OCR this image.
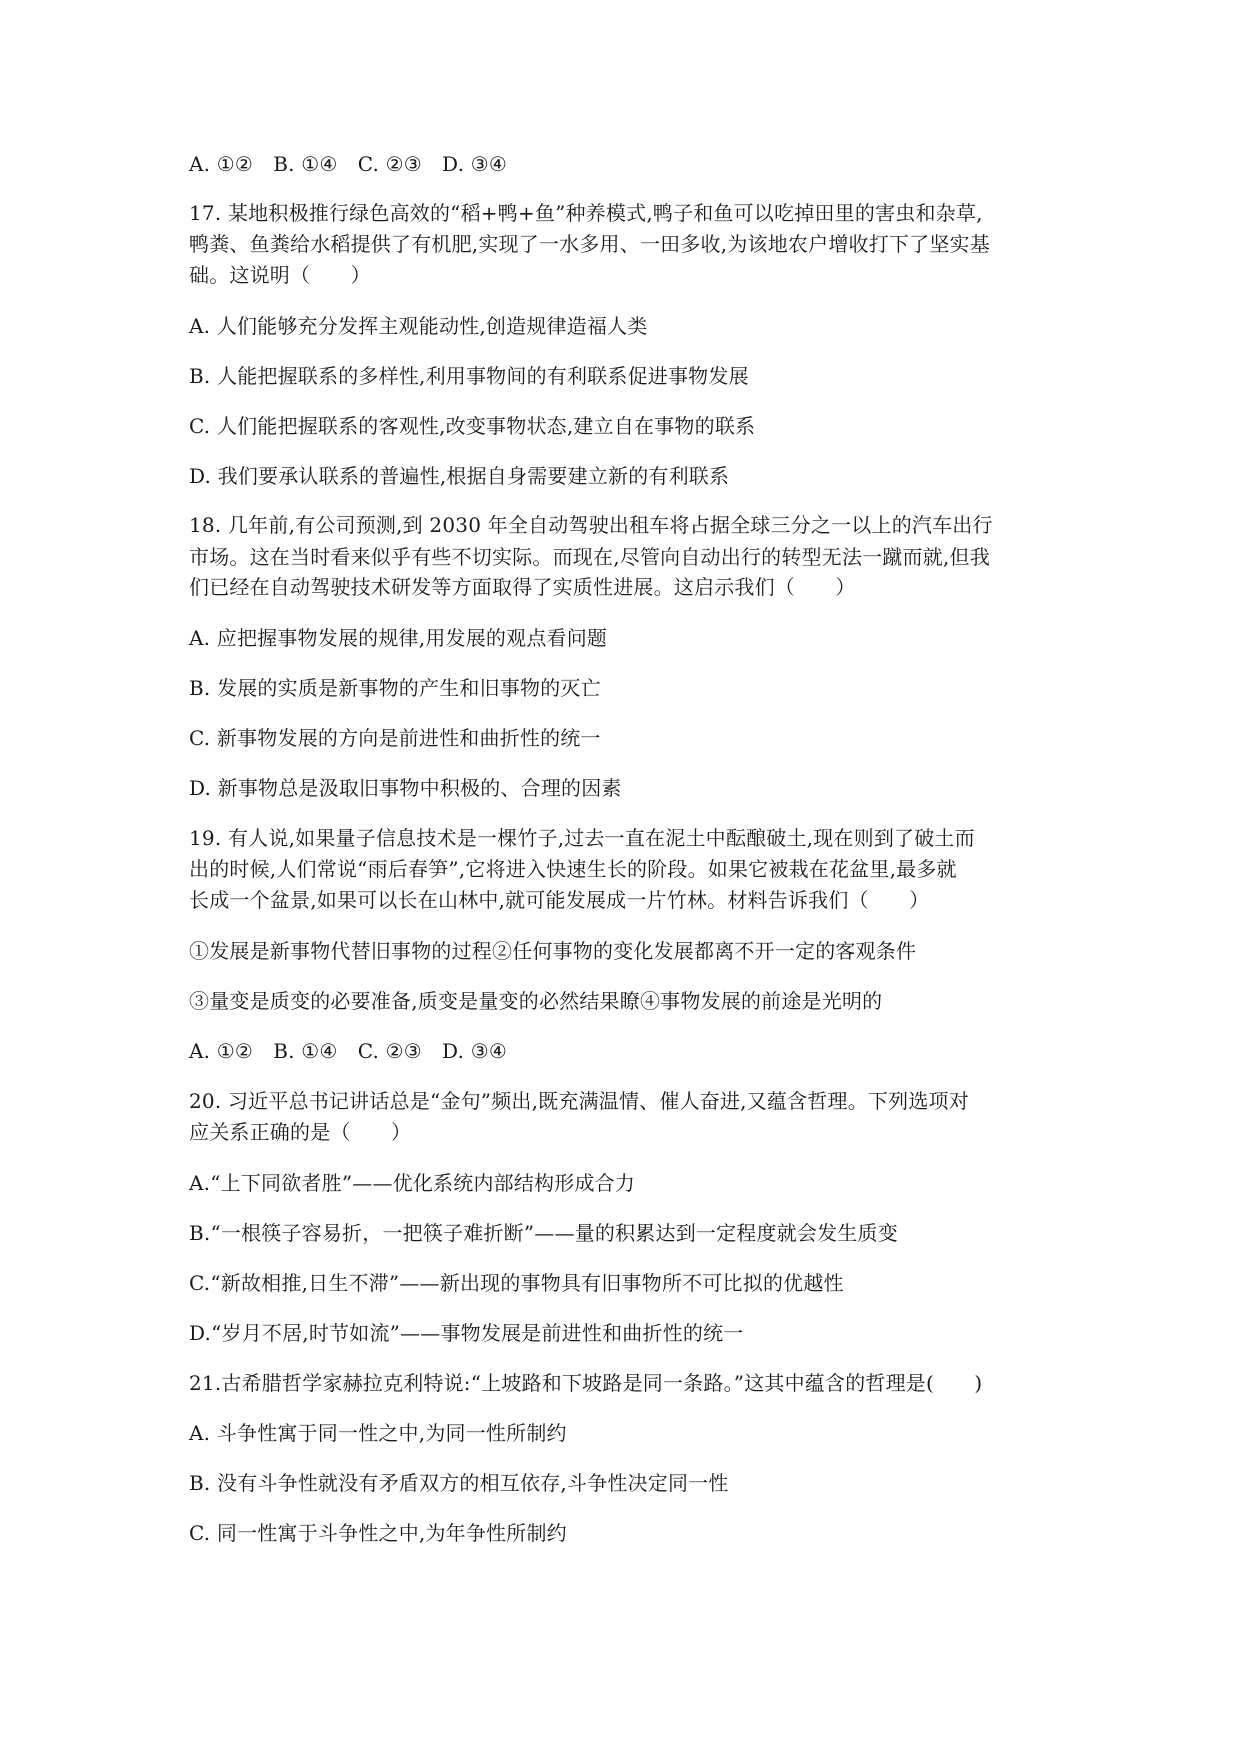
A. ①②　B. ①④　C. ②③　D. ③④
17. 某地积极推行绿色高效的“稻+鸭+鱼”种养模式,鸭子和鱼可以吃掉田里的害虫和杂草,
鸭粪、鱼粪给水稻提供了有机肥,实现了一水多用、一田多收,为该地农户增收打下了坚实基
础。这说明（　　）
A. 人们能够充分发挥主观能动性,创造规律造福人类
B. 人能把握联系的多样性,利用事物间的有利联系促进事物发展
C. 人们能把握联系的客观性,改变事物状态,建立自在事物的联系
D. 我们要承认联系的普遍性,根据自身需要建立新的有利联系
18. 几年前,有公司预测,到 2030 年全自动驾驶出租车将占据全球三分之一以上的汽车出行
市场。这在当时看来似乎有些不切实际。而现在,尽管向自动出行的转型无法一蹴而就,但我
们已经在自动驾驶技术研发等方面取得了实质性进展。这启示我们（　　）
A. 应把握事物发展的规律,用发展的观点看问题
B. 发展的实质是新事物的产生和旧事物的灭亡
C. 新事物发展的方向是前进性和曲折性的统一
D. 新事物总是汲取旧事物中积极的、合理的因素
19. 有人说,如果量子信息技术是一棵竹子,过去一直在泥土中酝酿破土,现在则到了破土而
出的时候,人们常说“雨后春笋”,它将进入快速生长的阶段。如果它被栽在花盆里,最多就
长成一个盆景,如果可以长在山林中,就可能发展成一片竹林。材料告诉我们（　　）
①发展是新事物代替旧事物的过程②任何事物的变化发展都离不开一定的客观条件
③量变是质变的必要准备,质变是量变的必然结果瞭④事物发展的前途是光明的
A. ①②　B. ①④　C. ②③　D. ③④
20. 习近平总书记讲话总是“金句”频出,既充满温情、催人奋进,又蕴含哲理。下列选项对
应关系正确的是（　　）
A.“上下同欲者胜”——优化系统内部结构形成合力
B.“一根筷子容易折，一把筷子难折断”——量的积累达到一定程度就会发生质变
C.“新故相推,日生不滞”——新出现的事物具有旧事物所不可比拟的优越性
D.“岁月不居,时节如流”——事物发展是前进性和曲折性的统一
21.古希腊哲学家赫拉克利特说:“上坡路和下坡路是同一条路。”这其中蕴含的哲理是(　　)
A. 斗争性寓于同一性之中,为同一性所制约
B. 没有斗争性就没有矛盾双方的相互依存,斗争性决定同一性
C. 同一性寓于斗争性之中,为年争性所制约
